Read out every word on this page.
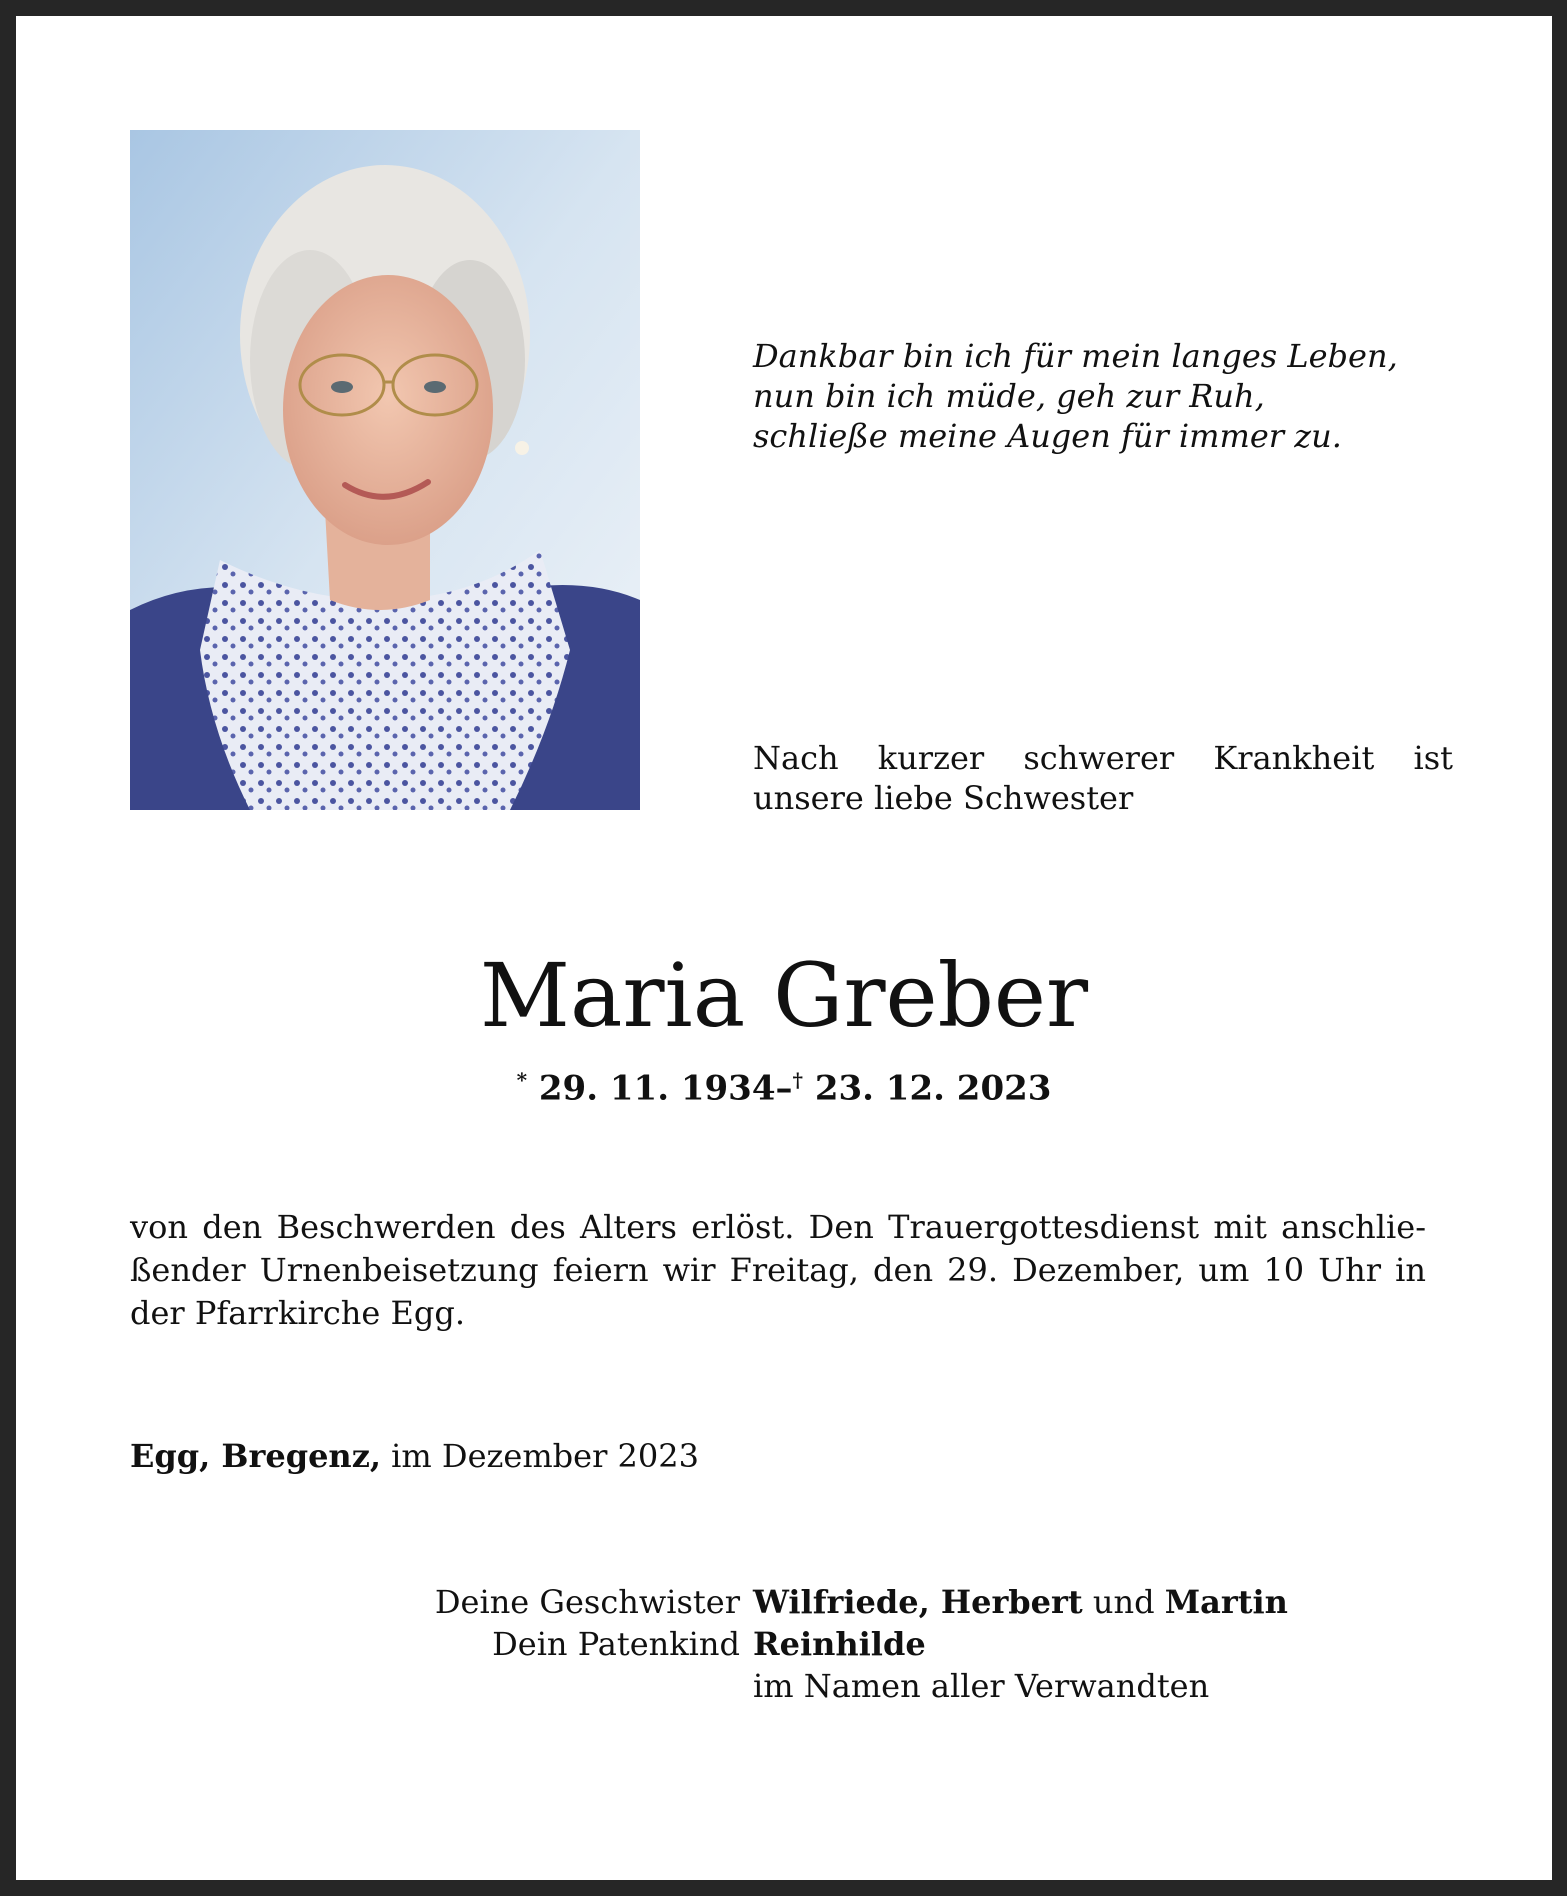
Dankbar bin ich für mein langes Leben,
nun bin ich müde, geh zur Ruh,
schließe meine Augen für immer zu.
Nach kurzer schwerer Krankheit ist
unsere liebe Schwester
Maria Greber
* 29. 11. 1934–† 23. 12. 2023
von den Beschwerden des Alters erlöst. Den Trauergottesdienst mit anschlie-
ßender Urnenbeisetzung feiern wir Freitag, den 29. Dezember, um 10 Uhr in
der Pfarrkirche Egg.
Egg, Bregenz, im Dezember 2023
Deine Geschwister Wilfriede, Herbert und Martin
Dein Patenkind Reinhilde
im Namen aller Verwandten
